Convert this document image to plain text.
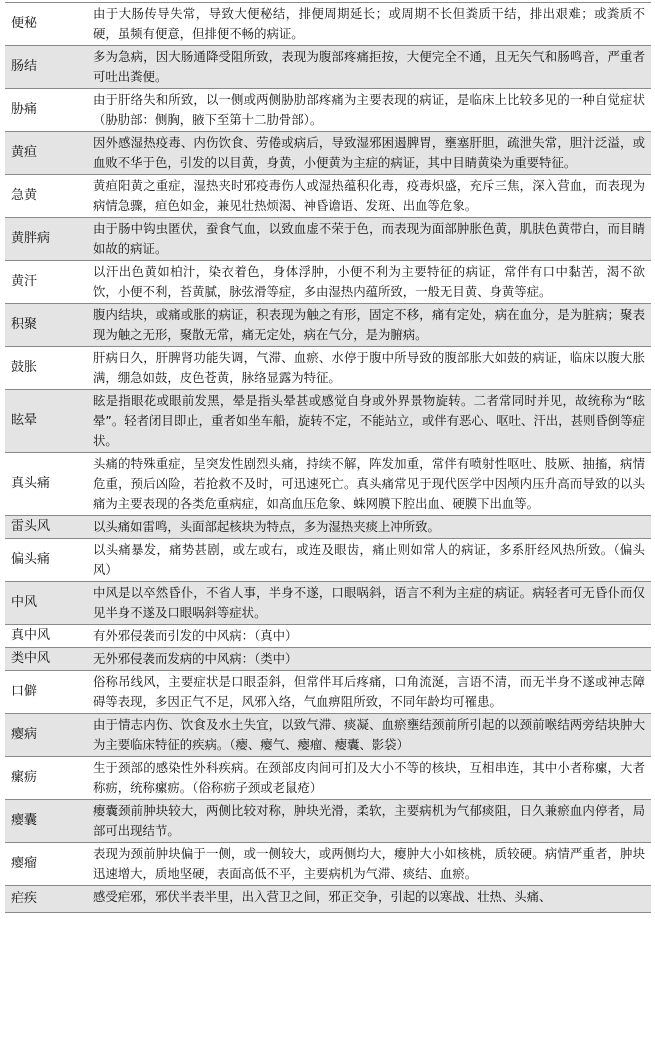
便秘	由于大肠传导失常，导致大便秘结，排便周期延长；或周期不长但粪质干结，排出艰难；或粪质不硬，虽频有便意，但排便不畅的病证。
肠结	多为急病，因大肠通降受阻所致，表现为腹部疼痛拒按，大便完全不通，且无矢气和肠鸣音，严重者可吐出粪便。
胁痛	由于肝络失和所致，以一侧或两侧胁肋部疼痛为主要表现的病证，是临床上比较多见的一种自觉症状（胁肋部：侧胸，腋下至第十二肋骨部）。
黄疸	因外感湿热疫毒、内伤饮食、劳倦或病后，导致湿邪困遏脾胃，壅塞肝胆，疏泄失常，胆汁泛溢，或血败不华于色，引发的以目黄，身黄，小便黄为主症的病证，其中目睛黄染为重要特征。
急黄	黄疸阳黄之重症，湿热夹时邪疫毒伤人或湿热蕴积化毒，疫毒炽盛，充斥三焦，深入营血，而表现为病情急骤，疸色如金，兼见壮热烦渴、神昏谵语、发斑、出血等危象。
黄胖病	由于肠中钩虫匿伏，蚕食气血，以致血虚不荣于色，而表现为面部肿胀色黄，肌肤色黄带白，而目睛如故的病证。
黄汗	以汗出色黄如柏汁，染衣着色，身体浮肿，小便不利为主要特征的病证，常伴有口中黏苦，渴不欲饮，小便不利，苔黄腻，脉弦滑等症，多由湿热内蕴所致，一般无目黄、身黄等症。
积聚	腹内结块，或痛或胀的病证，积表现为触之有形，固定不移，痛有定处，病在血分，是为脏病；聚表现为触之无形，聚散无常，痛无定处，病在气分，是为腑病。
鼓胀	肝病日久，肝脾肾功能失调，气滞、血瘀、水停于腹中所导致的腹部胀大如鼓的病证，临床以腹大胀满，绷急如鼓，皮色苍黄，脉络显露为特征。
眩晕	眩是指眼花或眼前发黑，晕是指头晕甚或感觉自身或外界景物旋转。二者常同时并见，故统称为“眩晕”。轻者闭目即止，重者如坐车船，旋转不定，不能站立，或伴有恶心、呕吐、汗出，甚则昏倒等症状。
真头痛	头痛的特殊重症，呈突发性剧烈头痛，持续不解，阵发加重，常伴有喷射性呕吐、肢厥、抽搐，病情危重，预后凶险，若抢救不及时，可迅速死亡。真头痛常见于现代医学中因颅内压升高而导致的以头痛为主要表现的各类危重病症，如高血压危象、蛛网膜下腔出血、硬膜下出血等。
雷头风	以头痛如雷鸣，头面部起核块为特点，多为湿热夹痰上冲所致。
偏头痛	以头痛暴发，痛势甚剧，或左或右，或连及眼齿，痛止则如常人的病证，多系肝经风热所致。（偏头风）
中风	中风是以卒然昏仆，不省人事，半身不遂，口眼㖞斜，语言不利为主症的病证。病轻者可无昏仆而仅见半身不遂及口眼㖞斜等症状。
真中风	有外邪侵袭而引发的中风病：（真中）
类中风	无外邪侵袭而发病的中风病：（类中）
口僻	俗称吊线风，主要症状是口眼歪斜，但常伴耳后疼痛，口角流涎，言语不清，而无半身不遂或神志障碍等表现，多因正气不足，风邪入络，气血痹阻所致，不同年龄均可罹患。
瘿病	由于情志内伤、饮食及水土失宜，以致气滞、痰凝、血瘀壅结颈前所引起的以颈前喉结两旁结块肿大为主要临床特征的疾病。（瘿、瘿气、瘿瘤、瘿囊、影袋）
瘰疬	生于颈部的感染性外科疾病。在颈部皮肉间可扪及大小不等的核块，互相串连，其中小者称瘰，大者称疬，统称瘰疬。（俗称疬子颈或老鼠疮）
瘿囊	瘿囊颈前肿块较大，两侧比较对称，肿块光滑，柔软，主要病机为气郁痰阻，日久兼瘀血内停者，局部可出现结节。
瘿瘤	表现为颈前肿块偏于一侧，或一侧较大，或两侧均大，瘿肿大小如核桃，质较硬。病情严重者，肿块迅速增大，质地坚硬，表面高低不平，主要病机为气滞、痰结、血瘀。
疟疾	感受疟邪，邪伏半表半里，出入营卫之间，邪正交争，引起的以寒战、壮热、头痛、
